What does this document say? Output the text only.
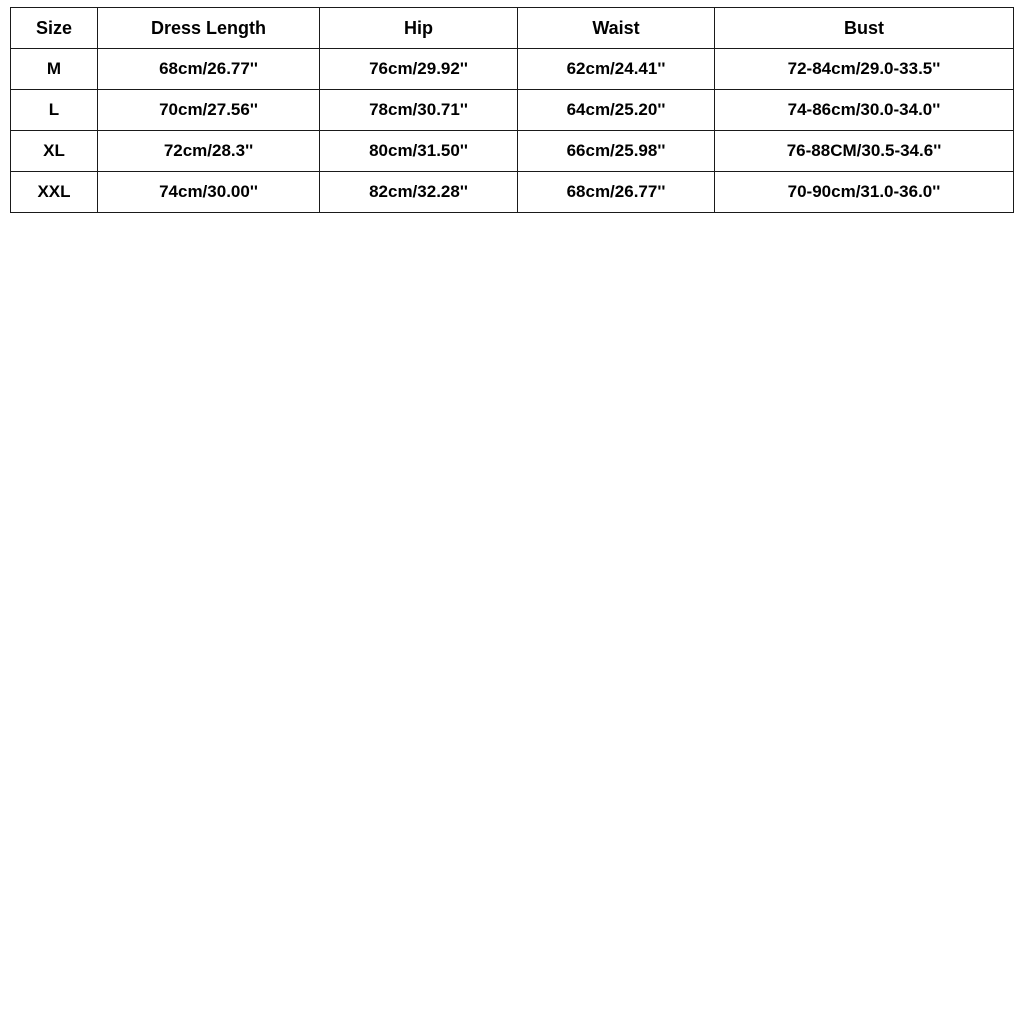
Size	Dress Length	Hip	Waist	Bust
M	68cm/26.77''	76cm/29.92''	62cm/24.41''	72-84cm/29.0-33.5''
L	70cm/27.56''	78cm/30.71''	64cm/25.20''	74-86cm/30.0-34.0''
XL	72cm/28.3''	80cm/31.50''	66cm/25.98''	76-88CM/30.5-34.6''
XXL	74cm/30.00''	82cm/32.28''	68cm/26.77''	70-90cm/31.0-36.0''
